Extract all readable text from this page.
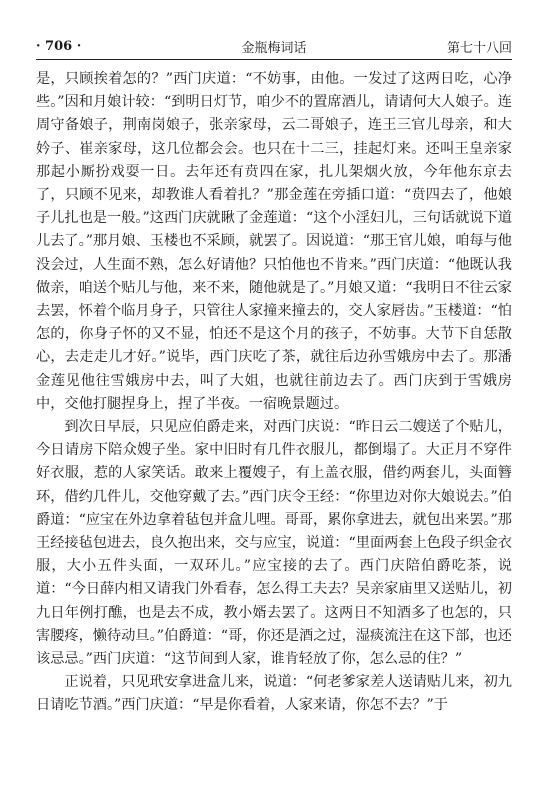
· 706 ·	金瓶梅词话	第七十八回

是，只顾挨着怎的？”西门庆道：“不妨事，由他。一发过了这两日吃，心净些。”因和月娘计较：“到明日灯节，咱少不的置席酒儿，请请何大人娘子。连周守备娘子，荆南岗娘子，张亲家母，云二哥娘子，连王三官儿母亲，和大妗子、崔亲家母，这几位都会会。也只在十二三，挂起灯来。还叫王皇亲家那起小厮扮戏耍一日。去年还有贲四在家，扎儿架烟火放，今年他东京去了，只顾不见来，却教谁人看着扎？”那金莲在旁插口道：“贲四去了，他娘子儿扎也是一般。”这西门庆就瞅了金莲道：“这个小淫妇儿，三句话就说下道儿去了。”那月娘、玉楼也不采顾，就罢了。因说道：“那王官儿娘，咱每与他没会过，人生面不熟，怎么好请他？只怕他也不肯来。”西门庆道：“他既认我做亲，咱送个贴儿与他，来不来，随他就是了。”月娘又道：“我明日不往云家去罢，怀着个临月身子，只管往人家撞来撞去的，交人家唇齿。”玉楼道：“怕怎的，你身子怀的又不显，怕还不是这个月的孩子，不妨事。大节下自恁散心，去走走儿才好。”说毕，西门庆吃了茶，就往后边孙雪娥房中去了。那潘金莲见他往雪娥房中去，叫了大姐，也就往前边去了。西门庆到于雪娥房中，交他打腿捏身上，捏了半夜。一宿晚景题过。

到次日早辰，只见应伯爵走来，对西门庆说：“昨日云二嫂送了个贴儿，今日请房下陪众嫂子坐。家中旧时有几件衣服儿，都倒塌了。大正月不穿件好衣服，惹的人家笑话。敢来上覆嫂子，有上盖衣服，借约两套儿，头面簪环，借约几件儿，交他穿戴了去。”西门庆令王经：“你里边对你大娘说去。”伯爵道：“应宝在外边拿着毡包并盒儿哩。哥哥，累你拿进去，就包出来罢。”那王经接毡包进去，良久抱出来，交与应宝，说道：“里面两套上色段子织金衣服，大小五件头面，一双环儿。”应宝接的去了。西门庆陪伯爵吃茶，说道：“今日薛内相又请我门外看春，怎么得工夫去？吴亲家庙里又送贴儿，初九日年例打醮，也是去不成，教小婿去罢了。这两日不知酒多了也怎的，只害腰疼，懒待动旦。”伯爵道：“哥，你还是酒之过，湿痰流注在这下部，也还该忌忌。”西门庆道：“这节间到人家，谁肯轻放了你，怎么忌的住？”

正说着，只见玳安拿进盒儿来，说道：“何老爹家差人送请贴儿来，初九日请吃节酒。”西门庆道：“早是你看着，人家来请，你怎不去？”于
